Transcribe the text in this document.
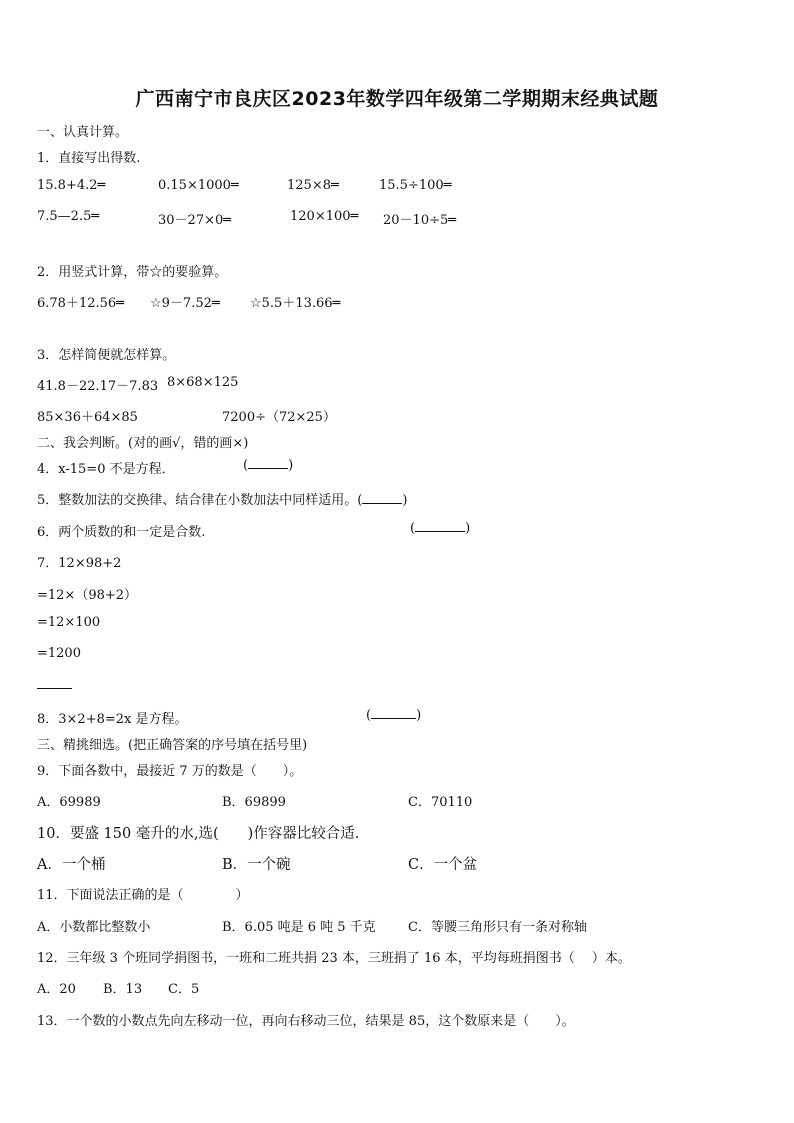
广西南宁市良庆区2023年数学四年级第二学期期末经典试题
一、认真计算。
1．直接写出得数.
15.8+4.2═	0.15×1000═	125×8═	15.5÷100═
7.5—2.5═	30－27×0═	120×100═ 20－10÷5═
2．用竖式计算，带☆的要验算。
6.78＋12.56═ ☆9－7.52═ ☆5.5＋13.66═
3．怎样简便就怎样算。
41.8－22.17－7.83 8×68×125
85×36＋64×85	7200÷（72×25）
二、我会判断。(对的画√，错的画×)
4．x-15=0 不是方程．	(	)
5．整数加法的交换律、结合律在小数加法中同样适用。(	)
6．两个质数的和一定是合数.	(	)
7．12×98+2
=12×（98+2）
=12×100
=1200
8．3×2+8=2x 是方程。	(	)
三、精挑细选。(把正确答案的序号填在括号里)
9．下面各数中，最接近 7 万的数是（　　）。
A．69989	B．69899	C．70110
10．要盛 150 毫升的水,选(　　)作容器比较合适.
A．一个桶	B．一个碗	C．一个盆
11．下面说法正确的是（　　　　）
A．小数都比整数小	B．6.05 吨是 6 吨 5 千克 C．等腰三角形只有一条对称轴
12．三年级 3 个班同学捐图书，一班和二班共捐 23 本，三班捐了 16 本，平均每班捐图书（　 ）本。
A．20 B．13 C．5
13．一个数的小数点先向左移动一位，再向右移动三位，结果是 85，这个数原来是（　　）。
